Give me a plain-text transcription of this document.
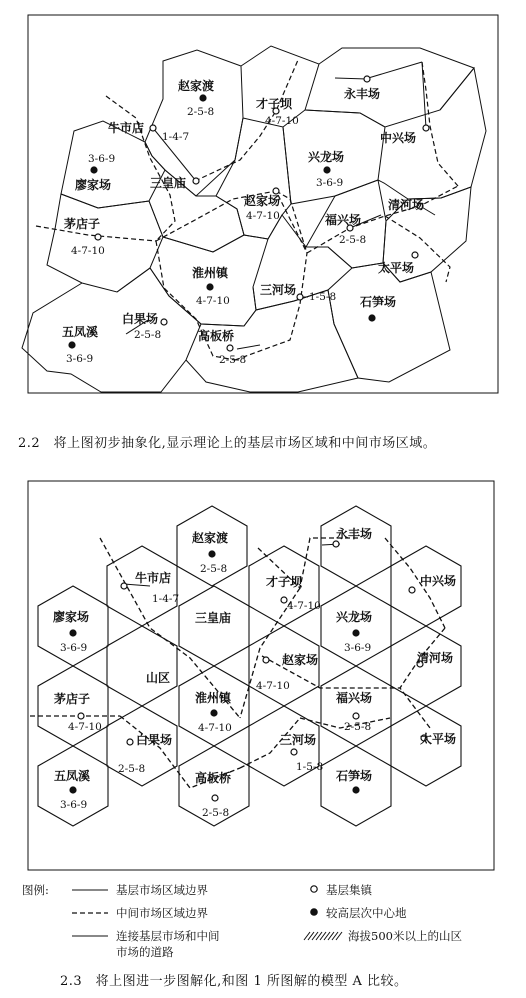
赵家渡
永丰场
牛市店
才子坝
中兴场
廖家场	三皇庙
兴龙场
赵家场	清河场
茅店子	福兴场
太平场
淮州镇
三河场
白果场
石笋场
五凤溪	高板桥
2-5-8
1-4-7
4-7-10
3-6-9
3-6-9
4-7-10
4-7-10
2-5-8
4-7-10	1-5-8
2-5-8
3-6-9	2-5-8
2.2　将上图初步抽象化,显示理论上的基层市场区域和中间市场区域。
赵家渡	永丰场
牛市店	才子坝	中兴场
廖家场	三皇庙	兴龙场
山区
赵家场	清河场
茅店子	淮州镇	福兴场
白果场	三河场	太平场
五凤溪	高板桥	石笋场
2-5-8
1-4-7
4-7-10
3-6-9	3-6-9
4-7-10
4-7-10	4-7-10	2-5-8
2-5-8	1-5-8
3-6-9
2-5-8
图例:	基层市场区域边界
中间市场区域边界
连接基层市场和中间
市场的道路
基层集镇
较高层次中心地
海拔500米以上的山区
2.3　将上图进一步图解化,和图 1 所图解的模型 A 比较。
